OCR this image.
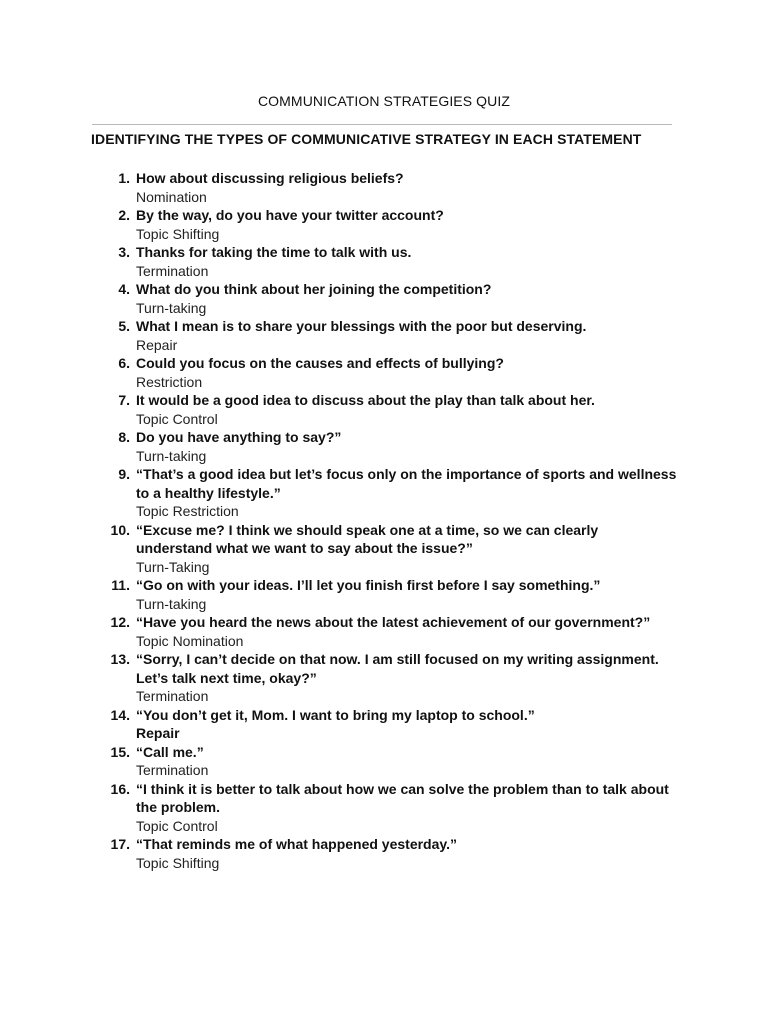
COMMUNICATION STRATEGIES QUIZ
IDENTIFYING THE TYPES OF COMMUNICATIVE STRATEGY IN EACH STATEMENT
1. How about discussing religious beliefs?
Nomination
2. By the way, do you have your twitter account?
Topic Shifting
3. Thanks for taking the time to talk with us.
Termination
4. What do you think about her joining the competition?
Turn-taking
5. What I mean is to share your blessings with the poor but deserving.
Repair
6. Could you focus on the causes and effects of bullying?
Restriction
7. It would be a good idea to discuss about the play than talk about her.
Topic Control
8. Do you have anything to say?”
Turn-taking
9. “That’s a good idea but let’s focus only on the importance of sports and wellness to a healthy lifestyle.”
Topic Restriction
10. “Excuse me? I think we should speak one at a time, so we can clearly understand what we want to say about the issue?”
Turn-Taking
11. “Go on with your ideas. I’ll let you finish first before I say something.”
Turn-taking
12. “Have you heard the news about the latest achievement of our government?”
Topic Nomination
13. “Sorry, I can’t decide on that now. I am still focused on my writing assignment. Let’s talk next time, okay?”
Termination
14. “You don’t get it, Mom. I want to bring my laptop to school.”
Repair
15. “Call me.”
Termination
16. “I think it is better to talk about how we can solve the problem than to talk about the problem.
Topic Control
17. “That reminds me of what happened yesterday.”
Topic Shifting
